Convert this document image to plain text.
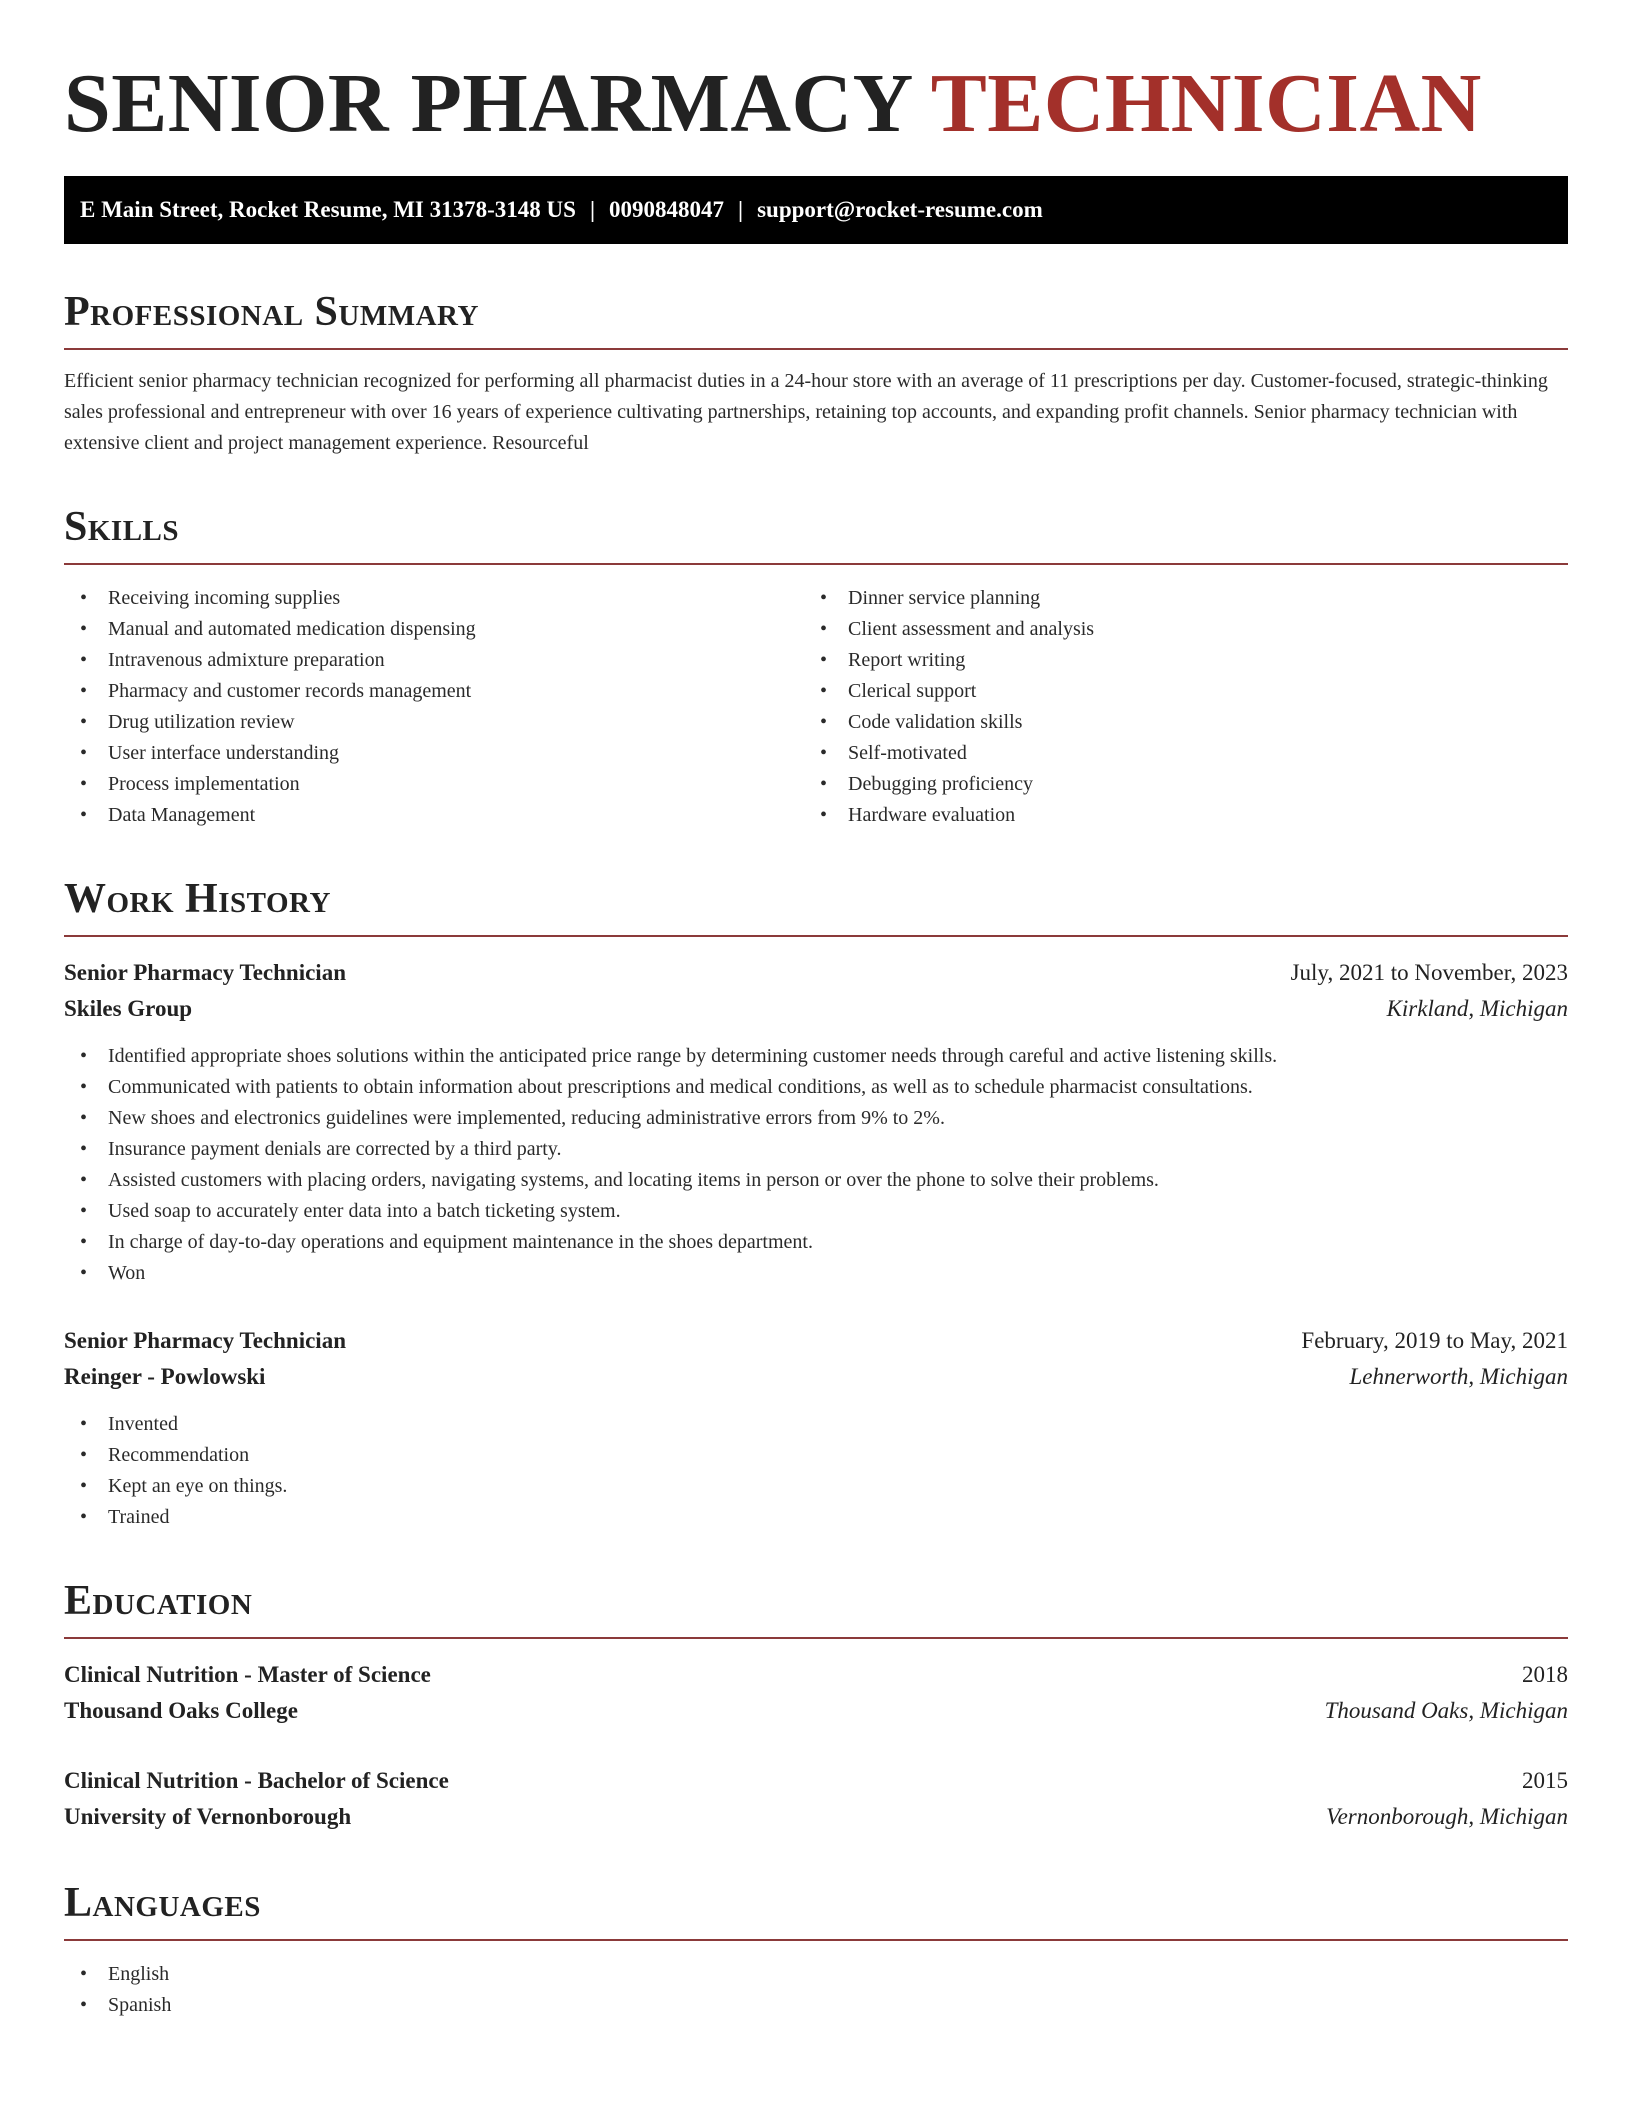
SENIOR PHARMACY TECHNICIAN
E Main Street, Rocket Resume, MI 31378-3148 US | 0090848047 | support@rocket-resume.com
Professional Summary

Efficient senior pharmacy technician recognized for performing all pharmacist duties in a 24-hour store with an average of 11 prescriptions per day. Customer-focused, strategic-thinking sales professional and entrepreneur with over 16 years of experience cultivating partnerships, retaining top accounts, and expanding profit channels. Senior pharmacy technician with extensive client and project management experience. Resourceful

Skills
• Receiving incoming supplies
• Manual and automated medication dispensing
• Intravenous admixture preparation
• Pharmacy and customer records management
• Drug utilization review
• User interface understanding
• Process implementation
• Data Management
• Dinner service planning
• Client assessment and analysis
• Report writing
• Clerical support
• Code validation skills
• Self-motivated
• Debugging proficiency
• Hardware evaluation
Work History
Senior Pharmacy Technician	July, 2021 to November, 2023
Skiles Group	Kirkland, Michigan
• Identified appropriate shoes solutions within the anticipated price range by determining customer needs through careful and active listening skills.
• Communicated with patients to obtain information about prescriptions and medical conditions, as well as to schedule pharmacist consultations.
• New shoes and electronics guidelines were implemented, reducing administrative errors from 9% to 2%.
• Insurance payment denials are corrected by a third party.
• Assisted customers with placing orders, navigating systems, and locating items in person or over the phone to solve their problems.
• Used soap to accurately enter data into a batch ticketing system.
• In charge of day-to-day operations and equipment maintenance in the shoes department.
• Won
Senior Pharmacy Technician	February, 2019 to May, 2021
Reinger - Powlowski	Lehnerworth, Michigan
• Invented
• Recommendation
• Kept an eye on things.
• Trained
Education
Clinical Nutrition - Master of Science	2018
Thousand Oaks College	Thousand Oaks, Michigan
Clinical Nutrition - Bachelor of Science	2015
University of Vernonborough	Vernonborough, Michigan
Languages
• English
• Spanish
